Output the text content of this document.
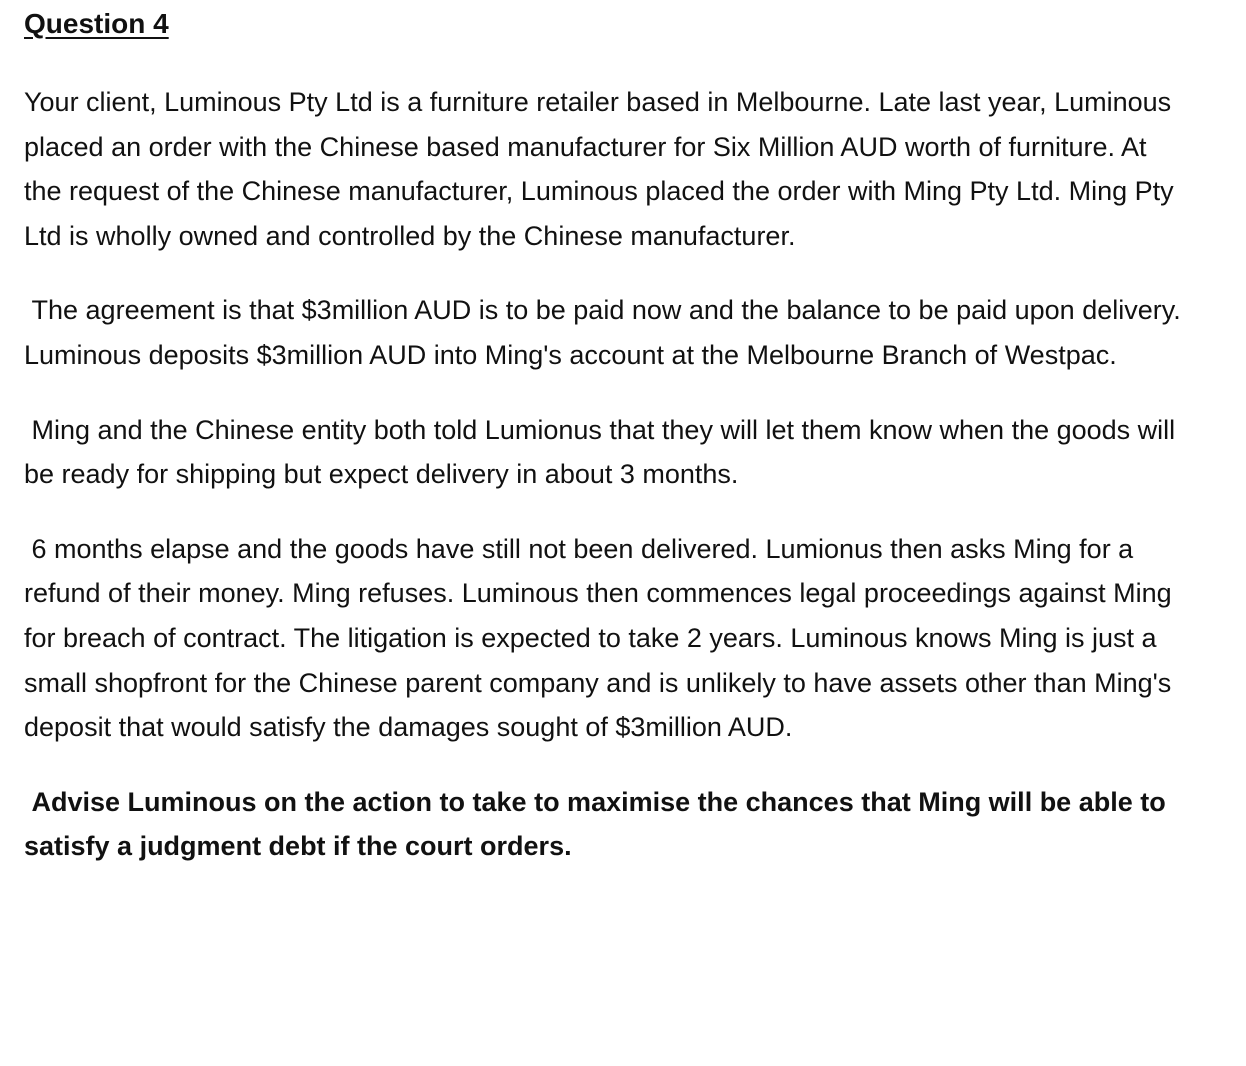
Question 4

Your client, Luminous Pty Ltd is a furniture retailer based in Melbourne. Late last year, Luminous placed an order with the Chinese based manufacturer for Six Million AUD worth of furniture. At the request of the Chinese manufacturer, Luminous placed the order with Ming Pty Ltd. Ming Pty Ltd is wholly owned and controlled by the Chinese manufacturer.

The agreement is that $3million AUD is to be paid now and the balance to be paid upon delivery. Luminous deposits $3million AUD into Ming's account at the Melbourne Branch of Westpac.

Ming and the Chinese entity both told Lumionus that they will let them know when the goods will be ready for shipping but expect delivery in about 3 months.

6 months elapse and the goods have still not been delivered. Lumionus then asks Ming for a refund of their money. Ming refuses. Luminous then commences legal proceedings against Ming for breach of contract. The litigation is expected to take 2 years. Luminous knows Ming is just a small shopfront for the Chinese parent company and is unlikely to have assets other than Ming's deposit that would satisfy the damages sought of $3million AUD.

Advise Luminous on the action to take to maximise the chances that Ming will be able to satisfy a judgment debt if the court orders.
